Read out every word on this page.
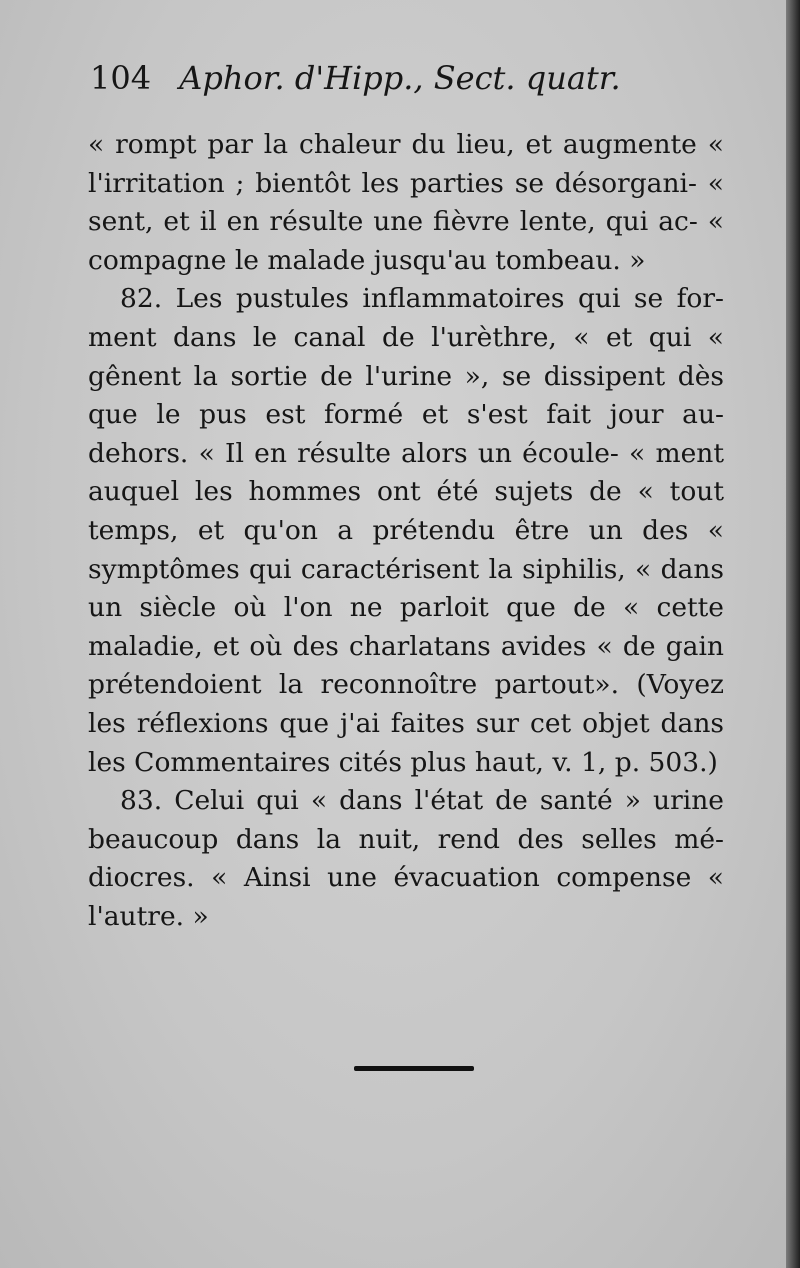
104 Aphor. d'Hipp., Sect. quatr.

« rompt par la chaleur du lieu, et augmente « l'irritation ; bientôt les parties se désorgani- « sent, et il en résulte une fièvre lente, qui ac- « compagne le malade jusqu'au tombeau. »

82. Les pustules inflammatoires qui se for- ment dans le canal de l'urèthre, « et qui « gênent la sortie de l'urine », se dissipent dès que le pus est formé et s'est fait jour au-dehors. « Il en résulte alors un écoule- « ment auquel les hommes ont été sujets de « tout temps, et qu'on a prétendu être un des « symptômes qui caractérisent la siphilis, « dans un siècle où l'on ne parloit que de « cette maladie, et où des charlatans avides « de gain prétendoient la reconnoître partout». (Voyez les réflexions que j'ai faites sur cet objet dans les Commentaires cités plus haut, v. 1, p. 503.)

83. Celui qui « dans l'état de santé » urine beaucoup dans la nuit, rend des selles mé- diocres. « Ainsi une évacuation compense « l'autre. »
